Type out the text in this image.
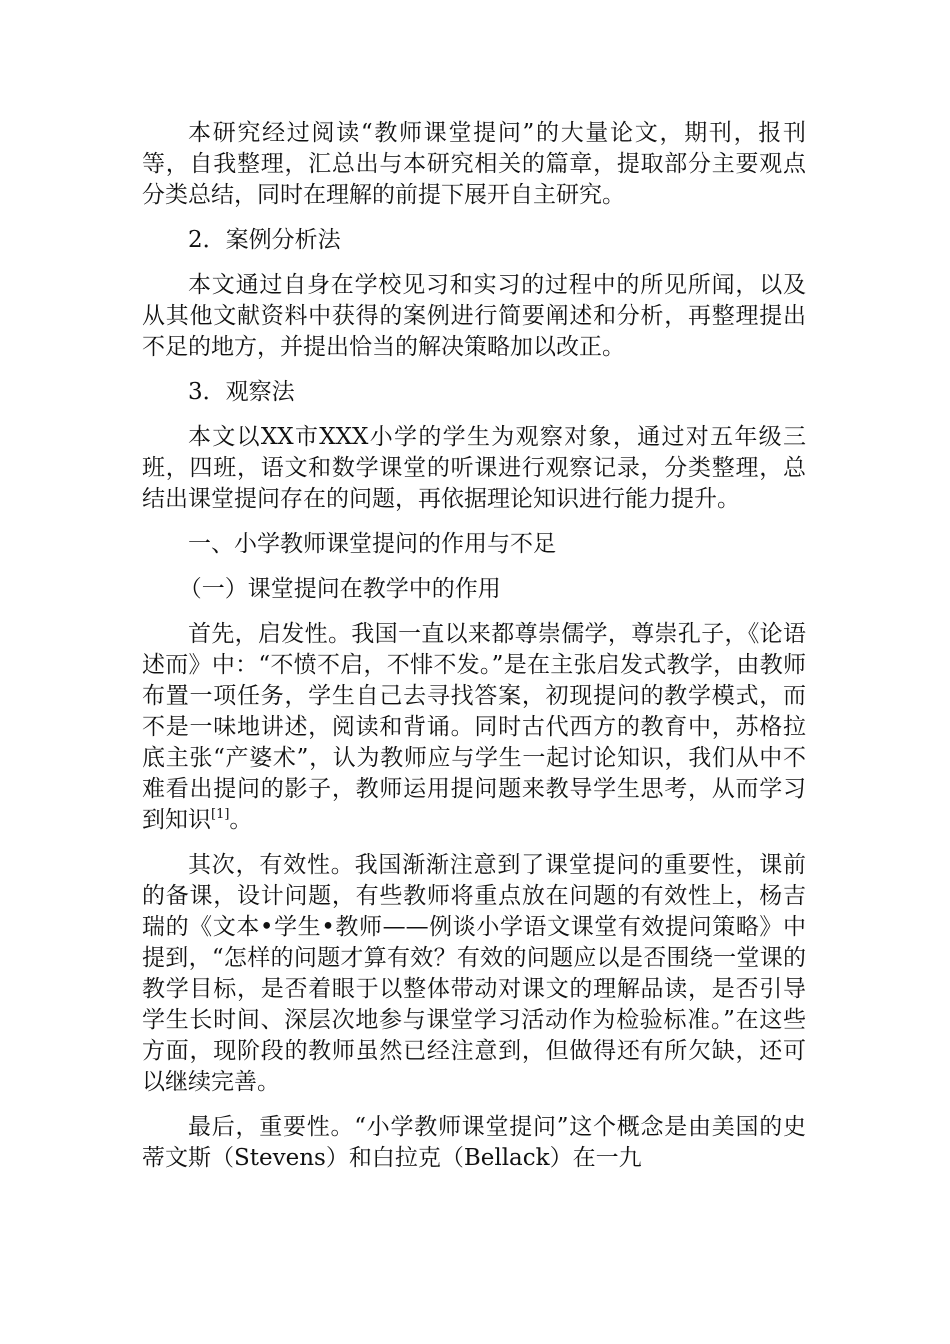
本研究经过阅读“教师课堂提问”的大量论文，期刊，报刊等，自我整理，汇总出与本研究相关的篇章，提取部分主要观点分类总结，同时在理解的前提下展开自主研究。

2．案例分析法

本文通过自身在学校见习和实习的过程中的所见所闻，以及从其他文献资料中获得的案例进行简要阐述和分析，再整理提出不足的地方，并提出恰当的解决策略加以改正。

3．观察法

本文以XX市XXX小学的学生为观察对象，通过对五年级三班，四班，语文和数学课堂的听课进行观察记录，分类整理，总结出课堂提问存在的问题，再依据理论知识进行能力提升。

一、小学教师课堂提问的作用与不足

（一）课堂提问在教学中的作用

首先，启发性。我国一直以来都尊崇儒学，尊崇孔子，《论语 述而》中：“不愤不启，不悱不发。”是在主张启发式教学，由教师布置一项任务，学生自己去寻找答案，初现提问的教学模式，而不是一味地讲述，阅读和背诵。同时古代西方的教育中，苏格拉底主张“产婆术”，认为教师应与学生一起讨论知识，我们从中不难看出提问的影子，教师运用提问题来教导学生思考，从而学习到知识[1]。

其次，有效性。我国渐渐注意到了课堂提问的重要性，课前的备课，设计问题，有些教师将重点放在问题的有效性上，杨吉瑞的《文本•学生•教师——例谈小学语文课堂有效提问策略》中提到，“怎样的问题才算有效？有效的问题应以是否围绕一堂课的教学目标，是否着眼于以整体带动对课文的理解品读，是否引导学生长时间、深层次地参与课堂学习活动作为检验标准。”在这些方面，现阶段的教师虽然已经注意到，但做得还有所欠缺，还可以继续完善。

最后，重要性。“小学教师课堂提问”这个概念是由美国的史蒂文斯（Stevens）和白拉克（Bellack）在一九
